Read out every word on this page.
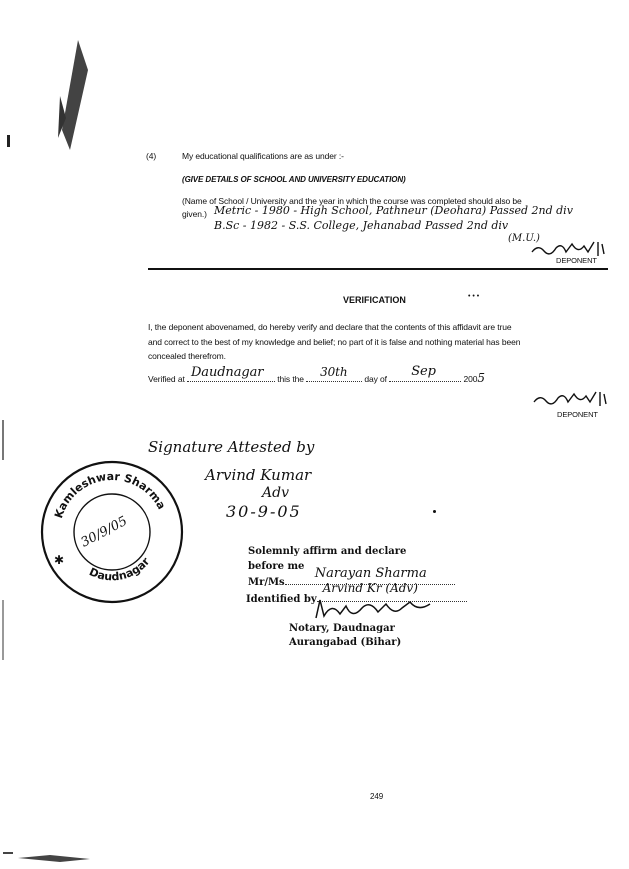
(4)	My educational qualifications are as under :-
(GIVE DETAILS OF SCHOOL AND UNIVERSITY EDUCATION)
(Name of School / University and the year in which the course was completed should also be
given.) Metric - 1980 - High School, Pathneur (Deohara) Passed 2nd div
B.Sc - 1982 - S.S. College, Jehanabad Passed 2nd div
(M.U.)
DEPONENT
VERIFICATION	• • •
I, the deponent abovenamed, do hereby verify and declare that the contents of this affidavit are true
and correct to the best of my knowledge and belief; no part of it is false and nothing material has been
concealed therefrom.
Verified at Daudnagar this the 30th day of Sep	2005
DEPONENT
Signature Attested by
Arvind Kumar
Adv
30-9-05
Kamleshwar Sharma
Daudnagar
30/9/05
✱
Solemnly affirm and declare
before me
Mr/Ms
Narayan Sharma
Identified by
Arvind Kr (Adv)
Notary, Daudnagar
Aurangabad (Bihar)
249
